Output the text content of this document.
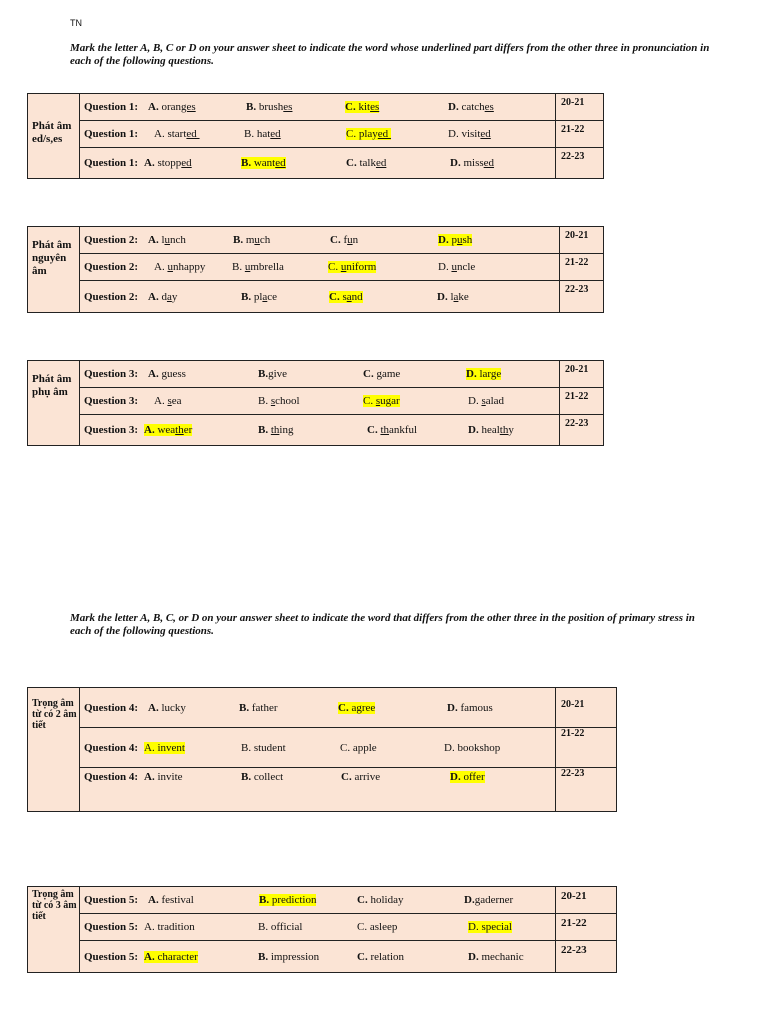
TN
Mark the letter A, B, C or D on your answer sheet to indicate the word whose underlined part differs from the other three in pronunciation in each of the following questions.
Phát âm ed/s,es	Question 1: A. oranges B. brushes C. kites D. catches	20-21

	Question 1: A. started B. hated C. played D. visited	21-22

	Question 1: A. stopped B. wanted C. talked D. missed	22-23
Phát âm nguyên âm	Question 2: A. lunch B. much C. fun D. push	20-21

	Question 2: A. unhappy B. umbrella C. uniform D. uncle	21-22

	Question 2: A. day B. place C. sand D. lake	22-23
Phát âm phụ âm	Question 3: A. guess B.give C. game D. large	20-21

	Question 3: A. sea B. school C. sugar D. salad	21-22

	Question 3: A. weather B. thing C. thankful D. healthy	22-23
Mark the letter A, B, C, or D on your answer sheet to indicate the word that differs from the other three in the position of primary stress in each of the following questions.
Trọng âm từ có 2 âm tiết	Question 4: A. lucky B. father C. agree D. famous	20-21

	Question 4: A. invent B. student C. apple D. bookshop	21-22

	Question 4: A. invite B. collect C. arrive D. offer	22-23
Trọng âm từ có 3 âm tiết	Question 5: A. festival B. prediction C. holiday D.gaderner	20-21

	Question 5: A. tradition B. official C. asleep D. special	21-22

	Question 5: A. character B. impression C. relation D. mechanic	22-23
